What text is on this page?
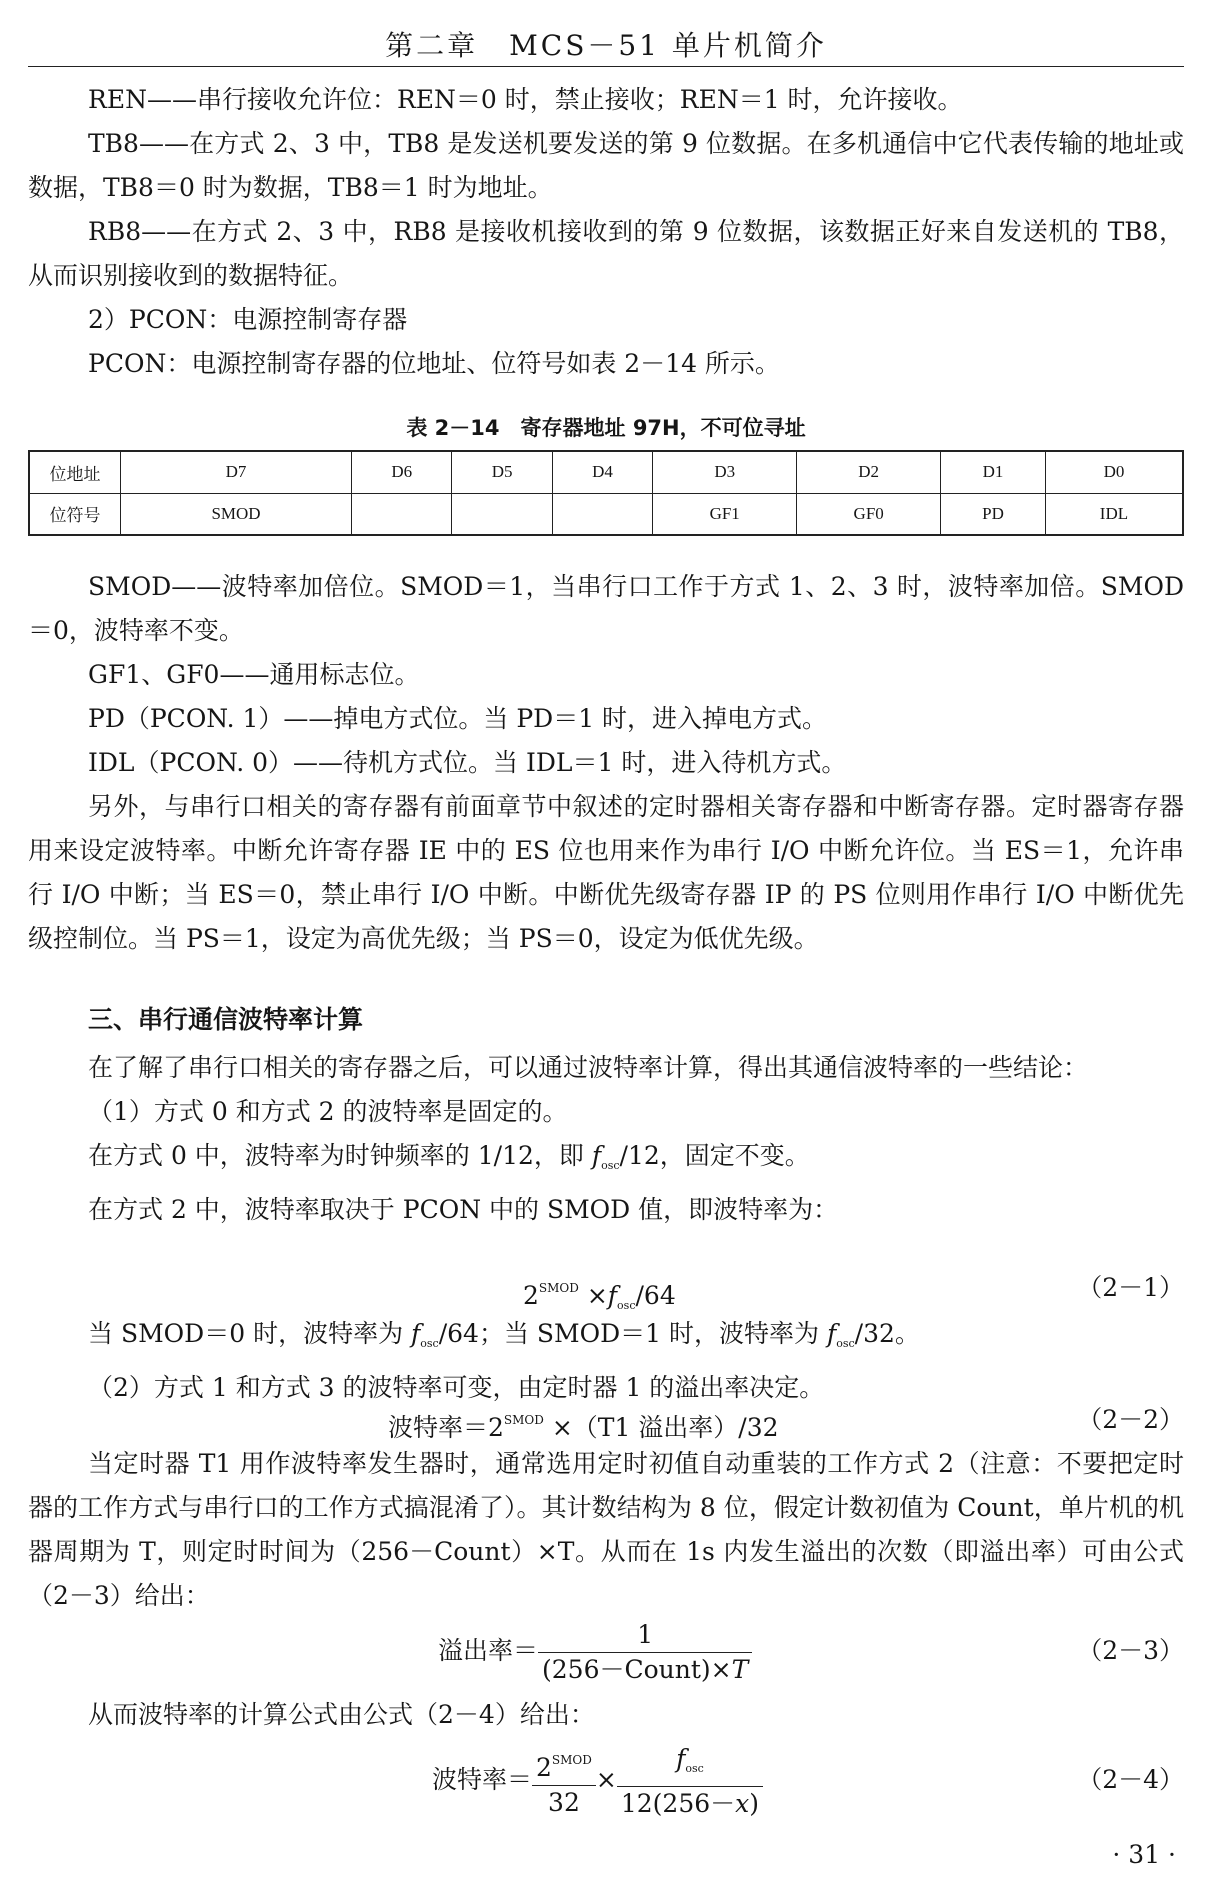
第二章　MCS－51 单片机简介

REN——串行接收允许位：REN＝0 时，禁止接收；REN＝1 时，允许接收。

TB8——在方式 2、3 中，TB8 是发送机要发送的第 9 位数据。在多机通信中它代表传输的地址或数据，TB8＝0 时为数据，TB8＝1 时为地址。

RB8——在方式 2、3 中，RB8 是接收机接收到的第 9 位数据，该数据正好来自发送机的 TB8，从而识别接收到的数据特征。

2）PCON：电源控制寄存器

PCON：电源控制寄存器的位地址、位符号如表 2－14 所示。

表 2－14　寄存器地址 97H，不可位寻址
位地址	D7	D6	D5	D4	D3	D2	D1	D0
位符号	SMOD				GF1	GF0	PD	IDL

SMOD——波特率加倍位。SMOD＝1，当串行口工作于方式 1、2、3 时，波特率加倍。SMOD＝0，波特率不变。

GF1、GF0——通用标志位。

PD（PCON. 1）——掉电方式位。当 PD＝1 时，进入掉电方式。

IDL（PCON. 0）——待机方式位。当 IDL＝1 时，进入待机方式。

另外，与串行口相关的寄存器有前面章节中叙述的定时器相关寄存器和中断寄存器。定时器寄存器用来设定波特率。中断允许寄存器 IE 中的 ES 位也用来作为串行 I/O 中断允许位。当 ES＝1，允许串行 I/O 中断；当 ES＝0，禁止串行 I/O 中断。中断优先级寄存器 IP 的 PS 位则用作串行 I/O 中断优先级控制位。当 PS＝1，设定为高优先级；当 PS＝0，设定为低优先级。

三、串行通信波特率计算

在了解了串行口相关的寄存器之后，可以通过波特率计算，得出其通信波特率的一些结论：

（1）方式 0 和方式 2 的波特率是固定的。

在方式 0 中，波特率为时钟频率的 1/12，即 $f_{osc}/12$，固定不变。

在方式 2 中，波特率取决于 PCON 中的 SMOD 值，即波特率为：

$2^{SMOD} \times f_{osc}/64$	（2－1）

当 SMOD＝0 时，波特率为 $f_{osc}/64$；当 SMOD＝1 时，波特率为 $f_{osc}/32$。

（2）方式 1 和方式 3 的波特率可变，由定时器 1 的溢出率决定。

波特率$=2^{SMOD} \times(T1$ 溢出率）/32	（2－2）

当定时器 T1 用作波特率发生器时，通常选用定时初值自动重装的工作方式 2（注意：不要把定时器的工作方式与串行口的工作方式搞混淆了）。其计数结构为 8 位，假定计数初值为 Count，单片机的机器周期为 T，则定时时间为（256－Count）×T。从而在 1s 内发生溢出的次数（即溢出率）可由公式（2－3）给出：

溢出率＝ $\frac{1}{\text{(256－Count)×T}}$	（2－3）

从而波特率的计算公式由公式（2－4）给出：

波特率＝ $\frac{2^{SMOD}}{32} \times \frac{f_{osc}}{12(256-x)}$	（2－4）
· 31 ·
